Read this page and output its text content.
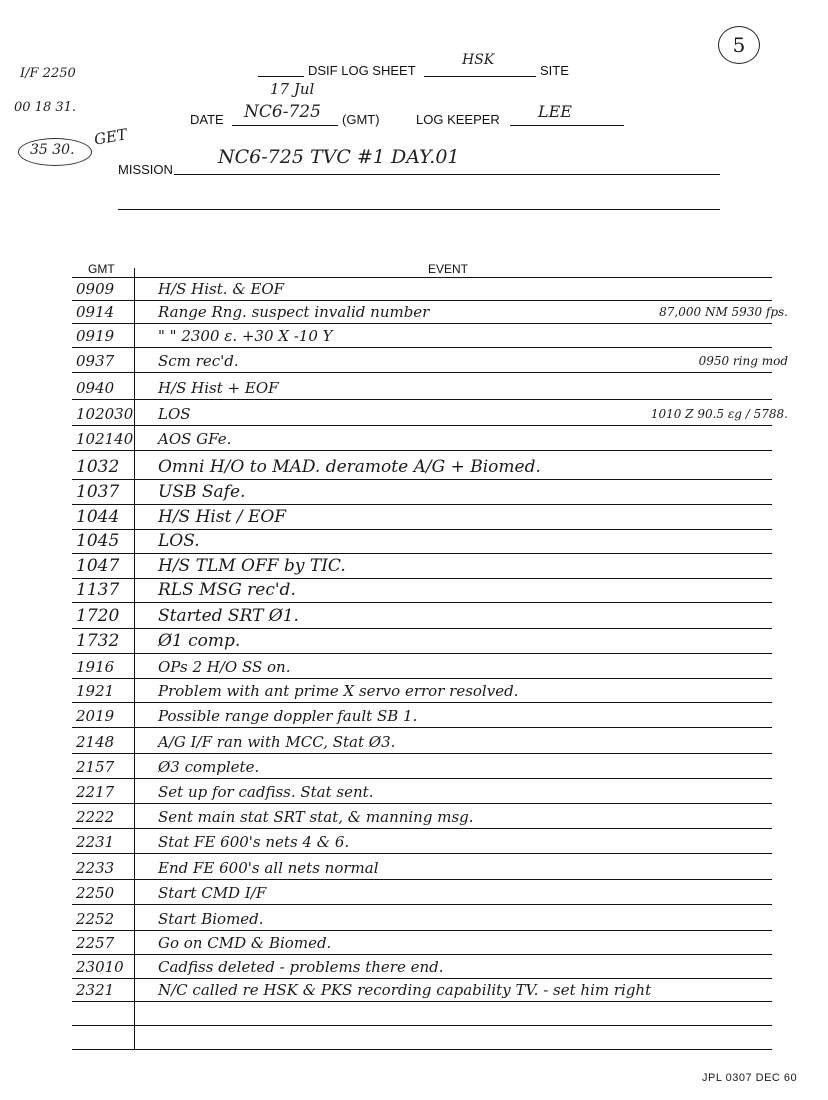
5
I/F 2250
00 18 31.
35 30.
GET
DSIF LOG SHEET
HSK
SITE
17 Jul
DATE NC6-725 (GMT)	LOG KEEPER LEE
MISSION
NC6-725 TVC #1 DAY.01
GMT	EVENT
0909	H/S Hist. & EOF
0914	Range Rng. suspect invalid number	87,000 NM 5930 fps.
0919	" " 2300 ε. +30 X -10 Y
0937	Scm rec'd.	0950 ring mod
0940	H/S Hist + EOF
102030 LOS	1010 Z 90.5 εg / 5788.
102140 AOS GFe.
1032 Omni H/O to MAD. deramote A/G + Biomed.
1037 USB Safe.
1044 H/S Hist / EOF
1045 LOS.
1047 H/S TLM OFF by TIC.
1137 RLS MSG rec'd.
1720 Started SRT Ø1.
1732 Ø1 comp.
1916	OPs 2 H/O SS on.
1921	Problem with ant prime X servo error resolved.
2019	Possible range doppler fault SB 1.
2148	A/G I/F ran with MCC, Stat Ø3.
2157	Ø3 complete.
2217	Set up for cadfiss. Stat sent.
2222	Sent main stat SRT stat, & manning msg.
2231	Stat FE 600's nets 4 & 6.
2233	End FE 600's all nets normal
2250	Start CMD I/F
2252	Start Biomed.
2257	Go on CMD & Biomed.
23010 Cadfiss deleted - problems there end.
2321	N/C called re HSK & PKS recording capability TV. - set him right
JPL 0307 DEC 60
